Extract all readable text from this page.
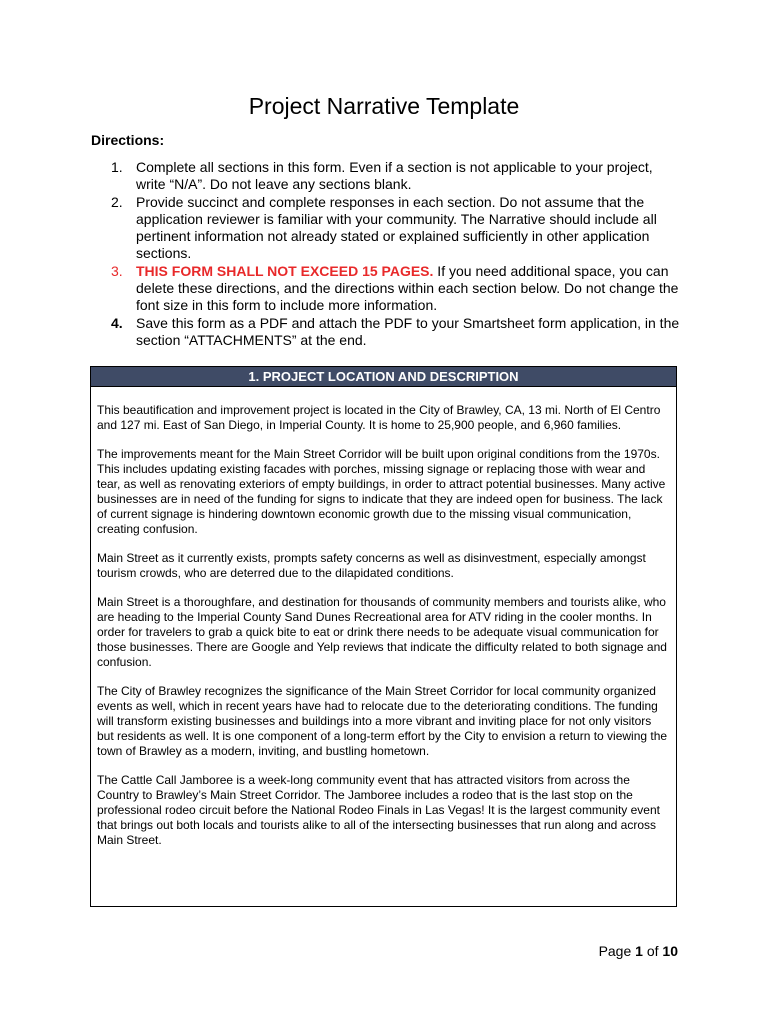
Project Narrative Template
Directions:
1. Complete all sections in this form. Even if a section is not applicable to your project, write “N/A”. Do not leave any sections blank.
2. Provide succinct and complete responses in each section. Do not assume that the application reviewer is familiar with your community. The Narrative should include all pertinent information not already stated or explained sufficiently in other application sections.
3. THIS FORM SHALL NOT EXCEED 15 PAGES. If you need additional space, you can delete these directions, and the directions within each section below. Do not change the font size in this form to include more information.
4. Save this form as a PDF and attach the PDF to your Smartsheet form application, in the section “ATTACHMENTS” at the end.
1. PROJECT LOCATION AND DESCRIPTION

This beautification and improvement project is located in the City of Brawley, CA, 13 mi. North of El Centro and 127 mi. East of San Diego, in Imperial County. It is home to 25,900 people, and 6,960 families.

The improvements meant for the Main Street Corridor will be built upon original conditions from the 1970s. This includes updating existing facades with porches, missing signage or replacing those with wear and tear, as well as renovating exteriors of empty buildings, in order to attract potential businesses. Many active businesses are in need of the funding for signs to indicate that they are indeed open for business. The lack of current signage is hindering downtown economic growth due to the missing visual communication, creating confusion.

Main Street as it currently exists, prompts safety concerns as well as disinvestment, especially amongst tourism crowds, who are deterred due to the dilapidated conditions.

Main Street is a thoroughfare, and destination for thousands of community members and tourists alike, who are heading to the Imperial County Sand Dunes Recreational area for ATV riding in the cooler months. In order for travelers to grab a quick bite to eat or drink there needs to be adequate visual communication for those businesses. There are Google and Yelp reviews that indicate the difficulty related to both signage and confusion.

The City of Brawley recognizes the significance of the Main Street Corridor for local community organized events as well, which in recent years have had to relocate due to the deteriorating conditions. The funding will transform existing businesses and buildings into a more vibrant and inviting place for not only visitors but residents as well. It is one component of a long-term effort by the City to envision a return to viewing the town of Brawley as a modern, inviting, and bustling hometown.

The Cattle Call Jamboree is a week-long community event that has attracted visitors from across the Country to Brawley’s Main Street Corridor. The Jamboree includes a rodeo that is the last stop on the professional rodeo circuit before the National Rodeo Finals in Las Vegas! It is the largest community event that brings out both locals and tourists alike to all of the intersecting businesses that run along and across Main Street.

Page 1 of 10
